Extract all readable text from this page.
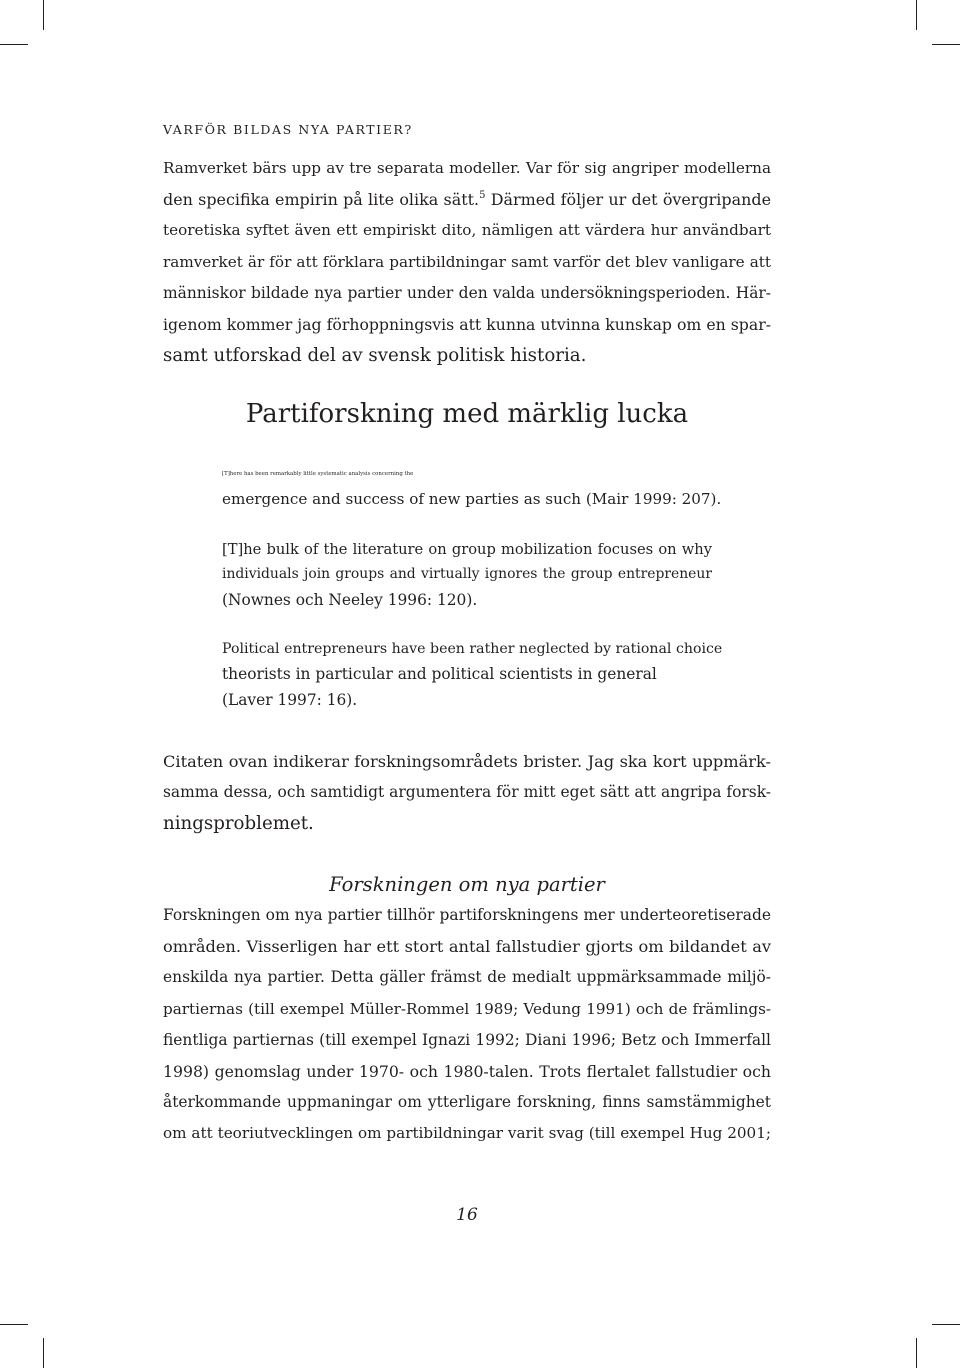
VARFÖR BILDAS NYA PARTIER?

Ramverket bärs upp av tre separata modeller. Var för sig angriper modellerna
den specifika empirin på lite olika sätt.$^5$ Därmed följer ur det övergripande
teoretiska syftet även ett empiriskt dito, nämligen att värdera hur användbart
ramverket är för att förklara partibildningar samt varför det blev vanligare att
människor bildade nya partier under den valda undersökningsperioden. Här-
igenom kommer jag förhoppningsvis att kunna utvinna kunskap om en spar-
samt utforskad del av svensk politisk historia.

Partiforskning med märklig lucka
[T]here has been remarkably little systematic analysis concerning the
emergence and success of new parties as such (Mair 1999: 207).
[T]he bulk of the literature on group mobilization focuses on why
individuals join groups and virtually ignores the group entrepreneur
(Nownes och Neeley 1996: 120).
Political entrepreneurs have been rather neglected by rational choice
theorists in particular and political scientists in general
(Laver 1997: 16).

Citaten ovan indikerar forskningsområdets brister. Jag ska kort uppmärk-
samma dessa, och samtidigt argumentera för mitt eget sätt att angripa forsk-
ningsproblemet.

Forskningen om nya partier

Forskningen om nya partier tillhör partiforskningens mer underteoretiserade
områden. Visserligen har ett stort antal fallstudier gjorts om bildandet av
enskilda nya partier. Detta gäller främst de medialt uppmärksammade miljö-
partiernas (till exempel Müller-Rommel 1989; Vedung 1991) och de främlings-
fientliga partiernas (till exempel Ignazi 1992; Diani 1996; Betz och Immerfall
1998) genomslag under 1970- och 1980-talen. Trots flertalet fallstudier och
återkommande uppmaningar om ytterligare forskning, finns samstämmighet
om att teoriutvecklingen om partibildningar varit svag (till exempel Hug 2001;

16
